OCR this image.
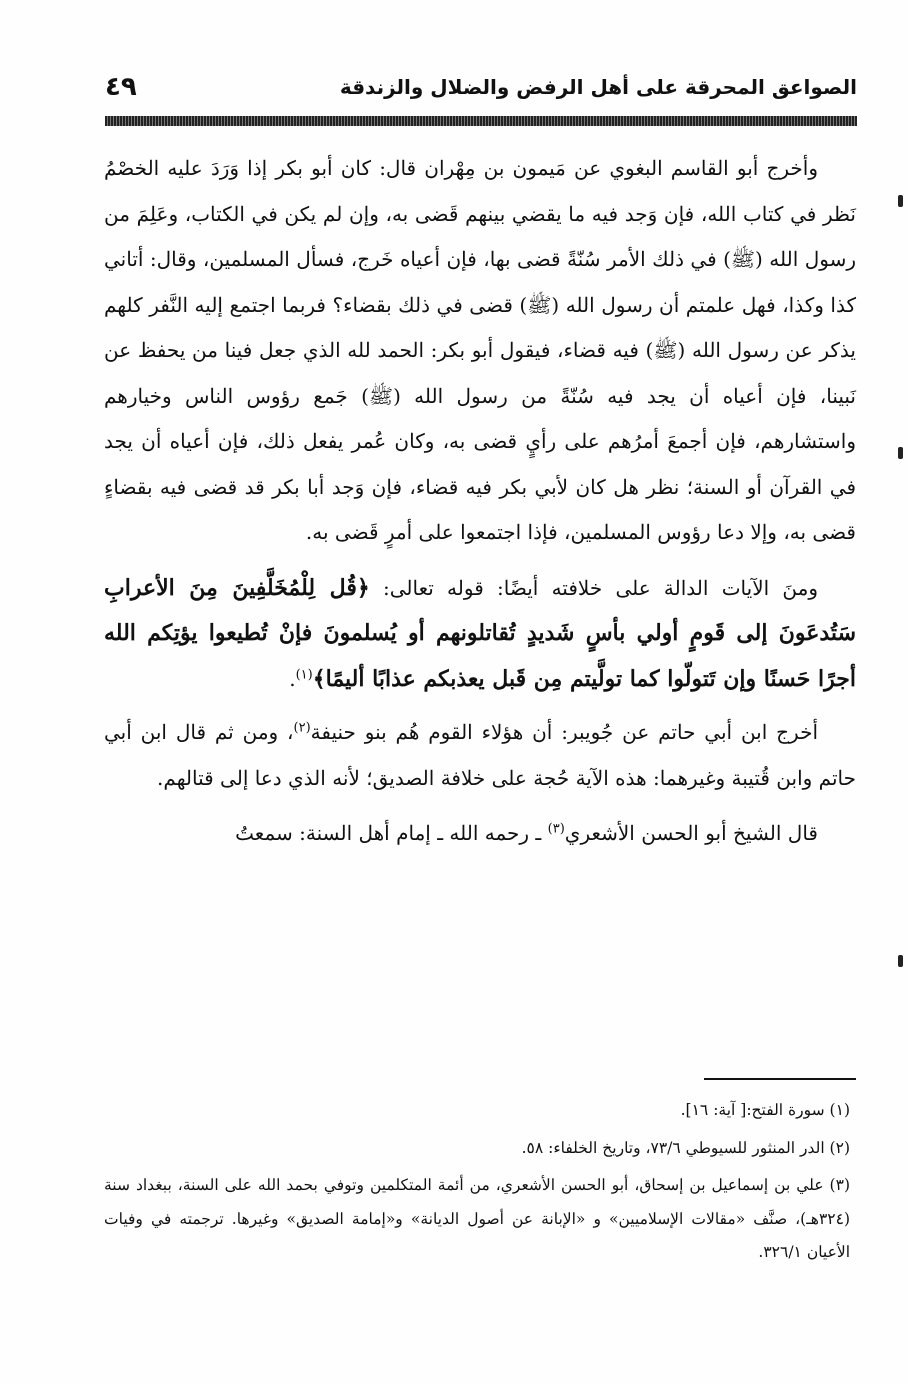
الصواعق المحرقة على أهل الرفض والضلال والزندقة
٤٩

وأخرج أبو القاسم البغوي عن مَيمون بن مِهْران قال: كان أبو بكر إذا وَرَدَ عليه الخصْمُ نَظر في كتاب الله، فإن وَجد فيه ما يقضي بينهم قَضى به، وإن لم يكن في الكتاب، وعَلِمَ من رسول الله (ﷺ) في ذلك الأمر سُنّةً قضى بها، فإن أعياه خَرج، فسأل المسلمين، وقال: أتاني كذا وكذا، فهل علمتم أن رسول الله (ﷺ) قضى في ذلك بقضاء؟ فربما اجتمع إليه النَّفر كلهم يذكر عن رسول الله (ﷺ) فيه قضاء، فيقول أبو بكر: الحمد لله الذي جعل فينا من يحفظ عن نَبينا، فإن أعياه أن يجد فيه سُنّةً من رسول الله (ﷺ) جَمع رؤوس الناس وخيارهم واستشارهم، فإن أجمعَ أمرُهم على رأيٍ قضى به، وكان عُمر يفعل ذلك، فإن أعياه أن يجد في القرآن أو السنة؛ نظر هل كان لأبي بكر فيه قضاء، فإن وَجد أبا بكر قد قضى فيه بقضاءٍ قضى به، وإلا دعا رؤوس المسلمين، فإذا اجتمعوا على أمرٍ قَضى به.

ومنَ الآيات الدالة على خلافته أيضًا: قوله تعالى: ﴿قُل لِلْمُخَلَّفِينَ مِنَ الأعرابِ سَتُدعَونَ إلى قَومٍ أولي بأسٍ شَديدٍ تُقاتلونهم أو يُسلمونَ فإنْ تُطيعوا يؤتِكم الله أجرًا حَسنًا وإن تَتولّوا كما تولَّيتم مِن قَبل يعذبكم عذابًا أليمًا﴾$^{(١)}$.

أخرج ابن أبي حاتم عن جُويبر: أن هؤلاء القوم هُم بنو حنيفة$^{(٢)}$، ومن ثم قال ابن أبي حاتم وابن قُتيبة وغيرهما: هذه الآية حُجة على خلافة الصديق؛ لأنه الذي دعا إلى قتالهم.

قال الشيخ أبو الحسن الأشعري$^{(٣)}$ ـ رحمه الله ـ إمام أهل السنة: سمعتُ

(١) سورة الفتح:[ آية: ١٦].

(٢) الدر المنثور للسيوطي ٧٣/٦، وتاريخ الخلفاء: ٥٨.

(٣) علي بن إسماعيل بن إسحاق، أبو الحسن الأشعري، من أئمة المتكلمين وتوفي بحمد الله على السنة، ببغداد سنة (٣٢٤هـ)، صنَّف «مقالات الإسلاميين» و «الإبانة عن أصول الديانة» و«إمامة الصديق» وغيرها. ترجمته في وفيات الأعيان ٣٢٦/١.
